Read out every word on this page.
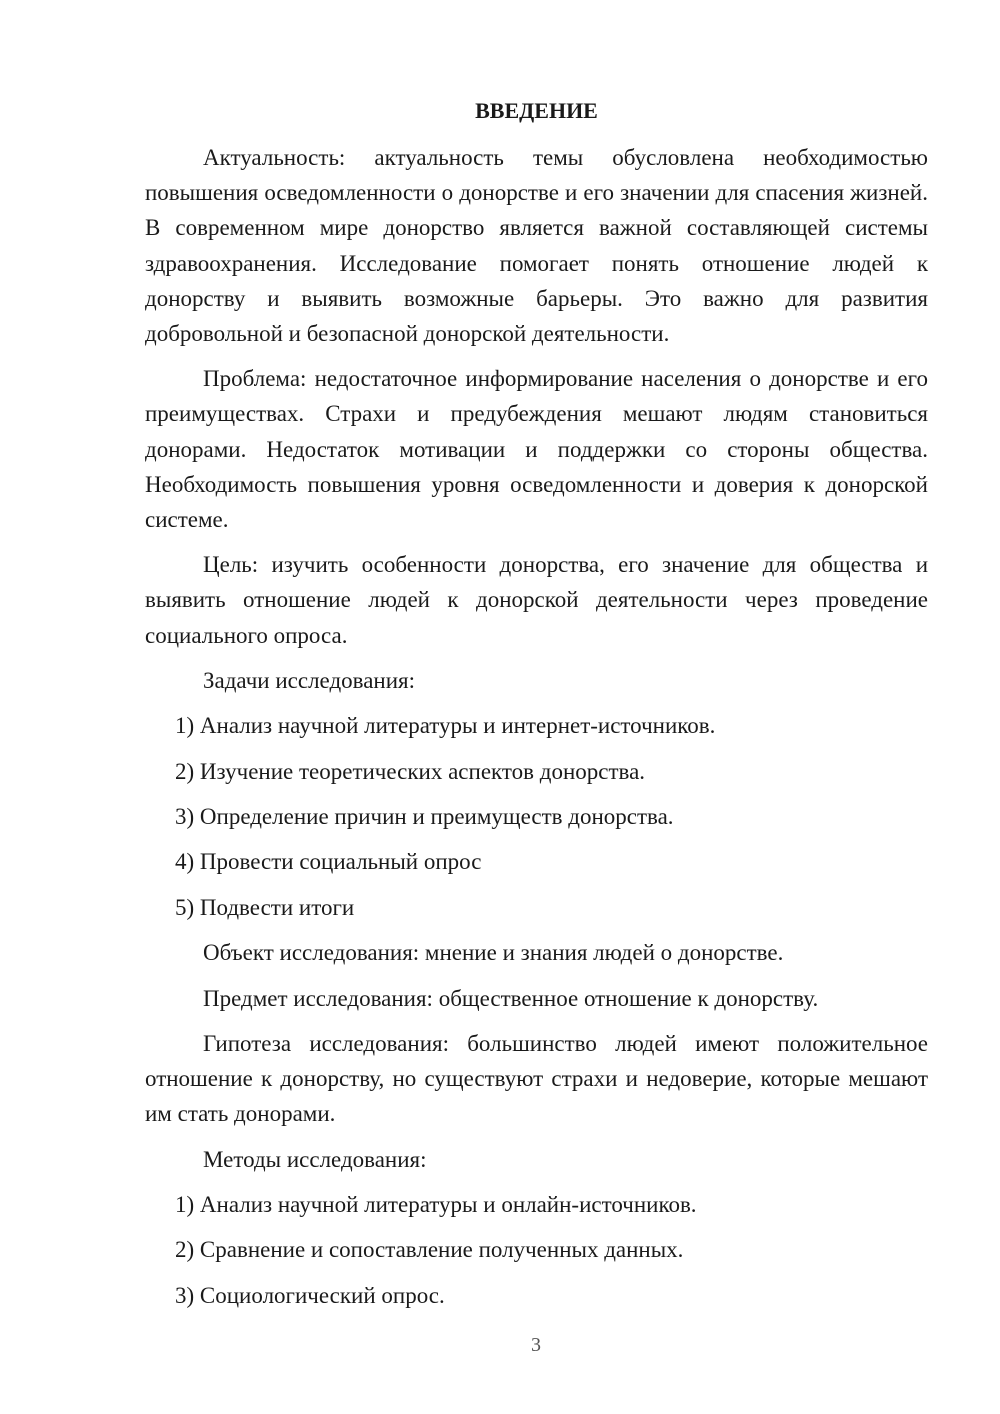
ВВЕДЕНИЕ

Актуальность: актуальность темы обусловлена необходимостью повышения осведомленности о донорстве и его значении для спасения жизней. В современном мире донорство является важной составляющей системы здравоохранения. Исследование помогает понять отношение людей к донорству и выявить возможные барьеры. Это важно для развития добровольной и безопасной донорской деятельности.

Проблема: недостаточное информирование населения о донорстве и его преимуществах. Страхи и предубеждения мешают людям становиться донорами. Недостаток мотивации и поддержки со стороны общества. Необходимость повышения уровня осведомленности и доверия к донорской системе.

Цель: изучить особенности донорства, его значение для общества и выявить отношение людей к донорской деятельности через проведение социального опроса.

Задачи исследования:

1) Анализ научной литературы и интернет-источников.

2) Изучение теоретических аспектов донорства.

3) Определение причин и преимуществ донорства.

4) Провести социальный опрос

5) Подвести итоги

Объект исследования: мнение и знания людей о донорстве.

Предмет исследования: общественное отношение к донорству.

Гипотеза исследования: большинство людей имеют положительное отношение к донорству, но существуют страхи и недоверие, которые мешают им стать донорами.

Методы исследования:

1) Анализ научной литературы и онлайн-источников.

2) Сравнение и сопоставление полученных данных.

3) Социологический опрос.

3
